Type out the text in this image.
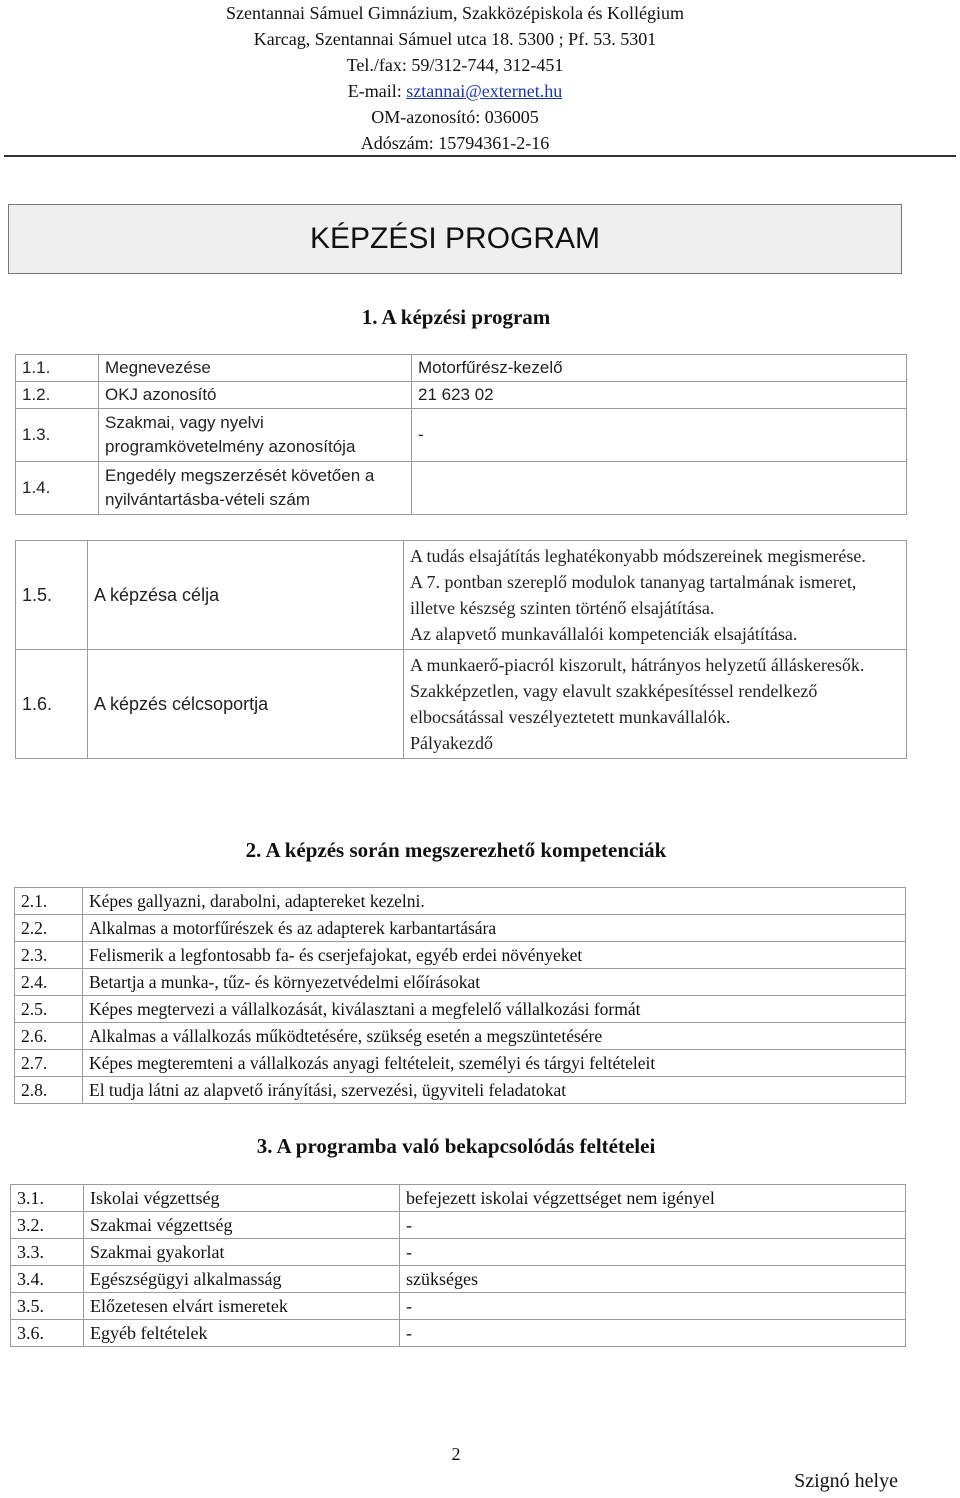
Szentannai Sámuel Gimnázium, Szakközépiskola és Kollégium
Karcag, Szentannai Sámuel utca 18. 5300 ; Pf. 53. 5301
Tel./fax: 59/312-744, 312-451
E-mail: sztannai@externet.hu
OM-azonosító: 036005
Adószám: 15794361-2-16
KÉPZÉSI PROGRAM
1. A képzési program
1.1.	Megnevezése	Motorfűrész-kezelő
1.2.	OKJ azonosító	21 623 02
1.3.	Szakmai, vagy nyelvi programkövetelmény azonosítója	-
1.4.	Engedély megszerzését követően a nyilvántartásba-vételi szám	
1.5.	A képzésa célja	A tudás elsajátítás leghatékonyabb módszereinek megismerése.
A 7. pontban szereplő modulok tananyag tartalmának ismeret, illetve készség szinten történő elsajátítása.
Az alapvető munkavállalói kompetenciák elsajátítása.

1.6.	A képzés célcsoportja	A munkaerő-piacról kiszorult, hátrányos helyzetű álláskeresők.
Szakképzetlen, vagy elavult szakképesítéssel rendelkező elbocsátással veszélyeztetett munkavállalók.
Pályakezdő
2. A képzés során megszerezhető kompetenciák
2.1.	Képes gallyazni, darabolni, adaptereket kezelni.
2.2.	Alkalmas a motorfűrészek és az adapterek karbantartására
2.3.	Felismerik a legfontosabb fa- és cserjefajokat, egyéb erdei növényeket
2.4.	Betartja a munka-, tűz- és környezetvédelmi előírásokat
2.5.	Képes megtervezi a vállalkozását, kiválasztani a megfelelő vállalkozási formát
2.6.	Alkalmas a vállalkozás működtetésére, szükség esetén a megszüntetésére
2.7.	Képes megteremteni a vállalkozás anyagi feltételeit, személyi és tárgyi feltételeit
2.8.	El tudja látni az alapvető irányítási, szervezési, ügyviteli feladatokat
3. A programba való bekapcsolódás feltételei
3.1.	Iskolai végzettség	befejezett iskolai végzettséget nem igényel
3.2.	Szakmai végzettség	-
3.3.	Szakmai gyakorlat	-
3.4.	Egészségügyi alkalmasság	szükséges
3.5.	Előzetesen elvárt ismeretek	-
3.6.	Egyéb feltételek	-
2
Szignó helye
